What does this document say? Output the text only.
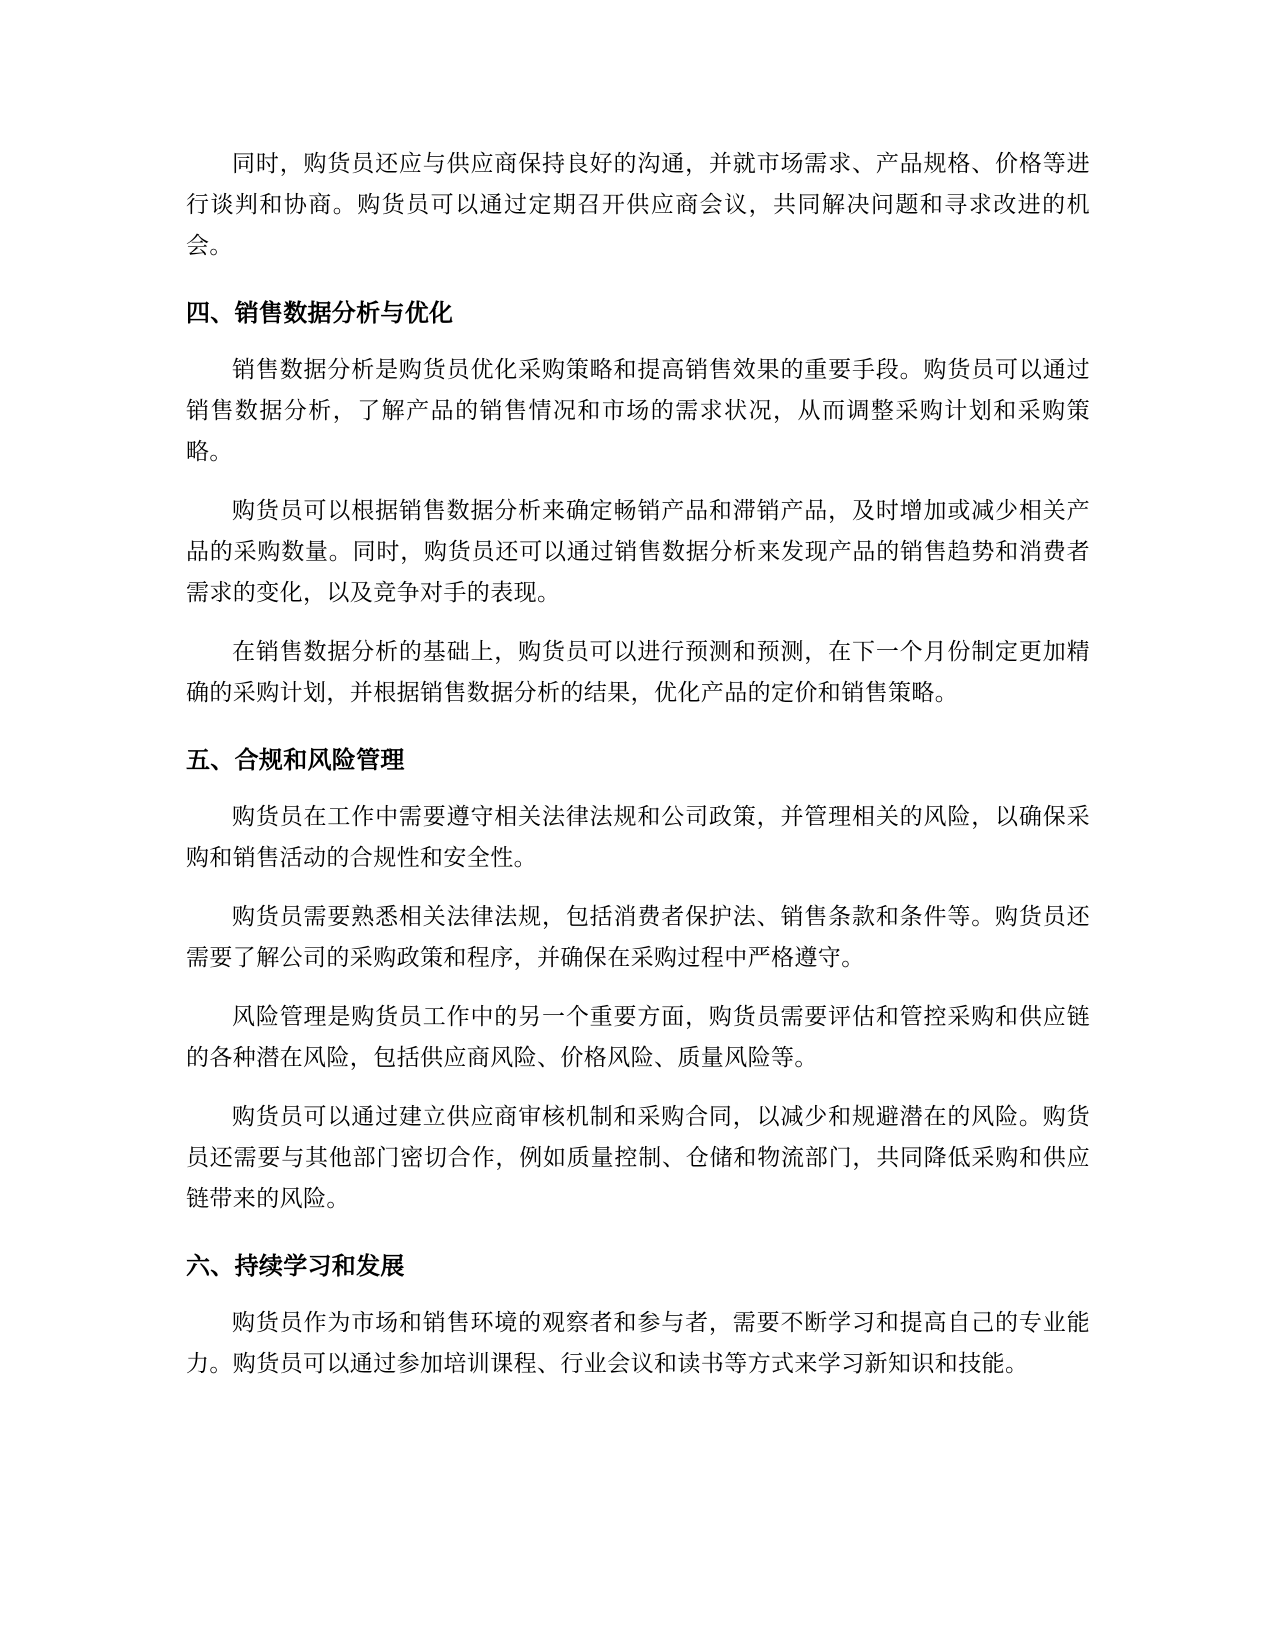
同时，购货员还应与供应商保持良好的沟通，并就市场需求、产品规格、价格等进行谈判和协商。购货员可以通过定期召开供应商会议，共同解决问题和寻求改进的机会。

四、销售数据分析与优化

销售数据分析是购货员优化采购策略和提高销售效果的重要手段。购货员可以通过销售数据分析，了解产品的销售情况和市场的需求状况，从而调整采购计划和采购策略。

购货员可以根据销售数据分析来确定畅销产品和滞销产品，及时增加或减少相关产品的采购数量。同时，购货员还可以通过销售数据分析来发现产品的销售趋势和消费者需求的变化，以及竞争对手的表现。

在销售数据分析的基础上，购货员可以进行预测和预测，在下一个月份制定更加精确的采购计划，并根据销售数据分析的结果，优化产品的定价和销售策略。

五、合规和风险管理

购货员在工作中需要遵守相关法律法规和公司政策，并管理相关的风险，以确保采购和销售活动的合规性和安全性。

购货员需要熟悉相关法律法规，包括消费者保护法、销售条款和条件等。购货员还需要了解公司的采购政策和程序，并确保在采购过程中严格遵守。

风险管理是购货员工作中的另一个重要方面，购货员需要评估和管控采购和供应链的各种潜在风险，包括供应商风险、价格风险、质量风险等。

购货员可以通过建立供应商审核机制和采购合同，以减少和规避潜在的风险。购货员还需要与其他部门密切合作，例如质量控制、仓储和物流部门，共同降低采购和供应链带来的风险。

六、持续学习和发展

购货员作为市场和销售环境的观察者和参与者，需要不断学习和提高自己的专业能力。购货员可以通过参加培训课程、行业会议和读书等方式来学习新知识和技能。
